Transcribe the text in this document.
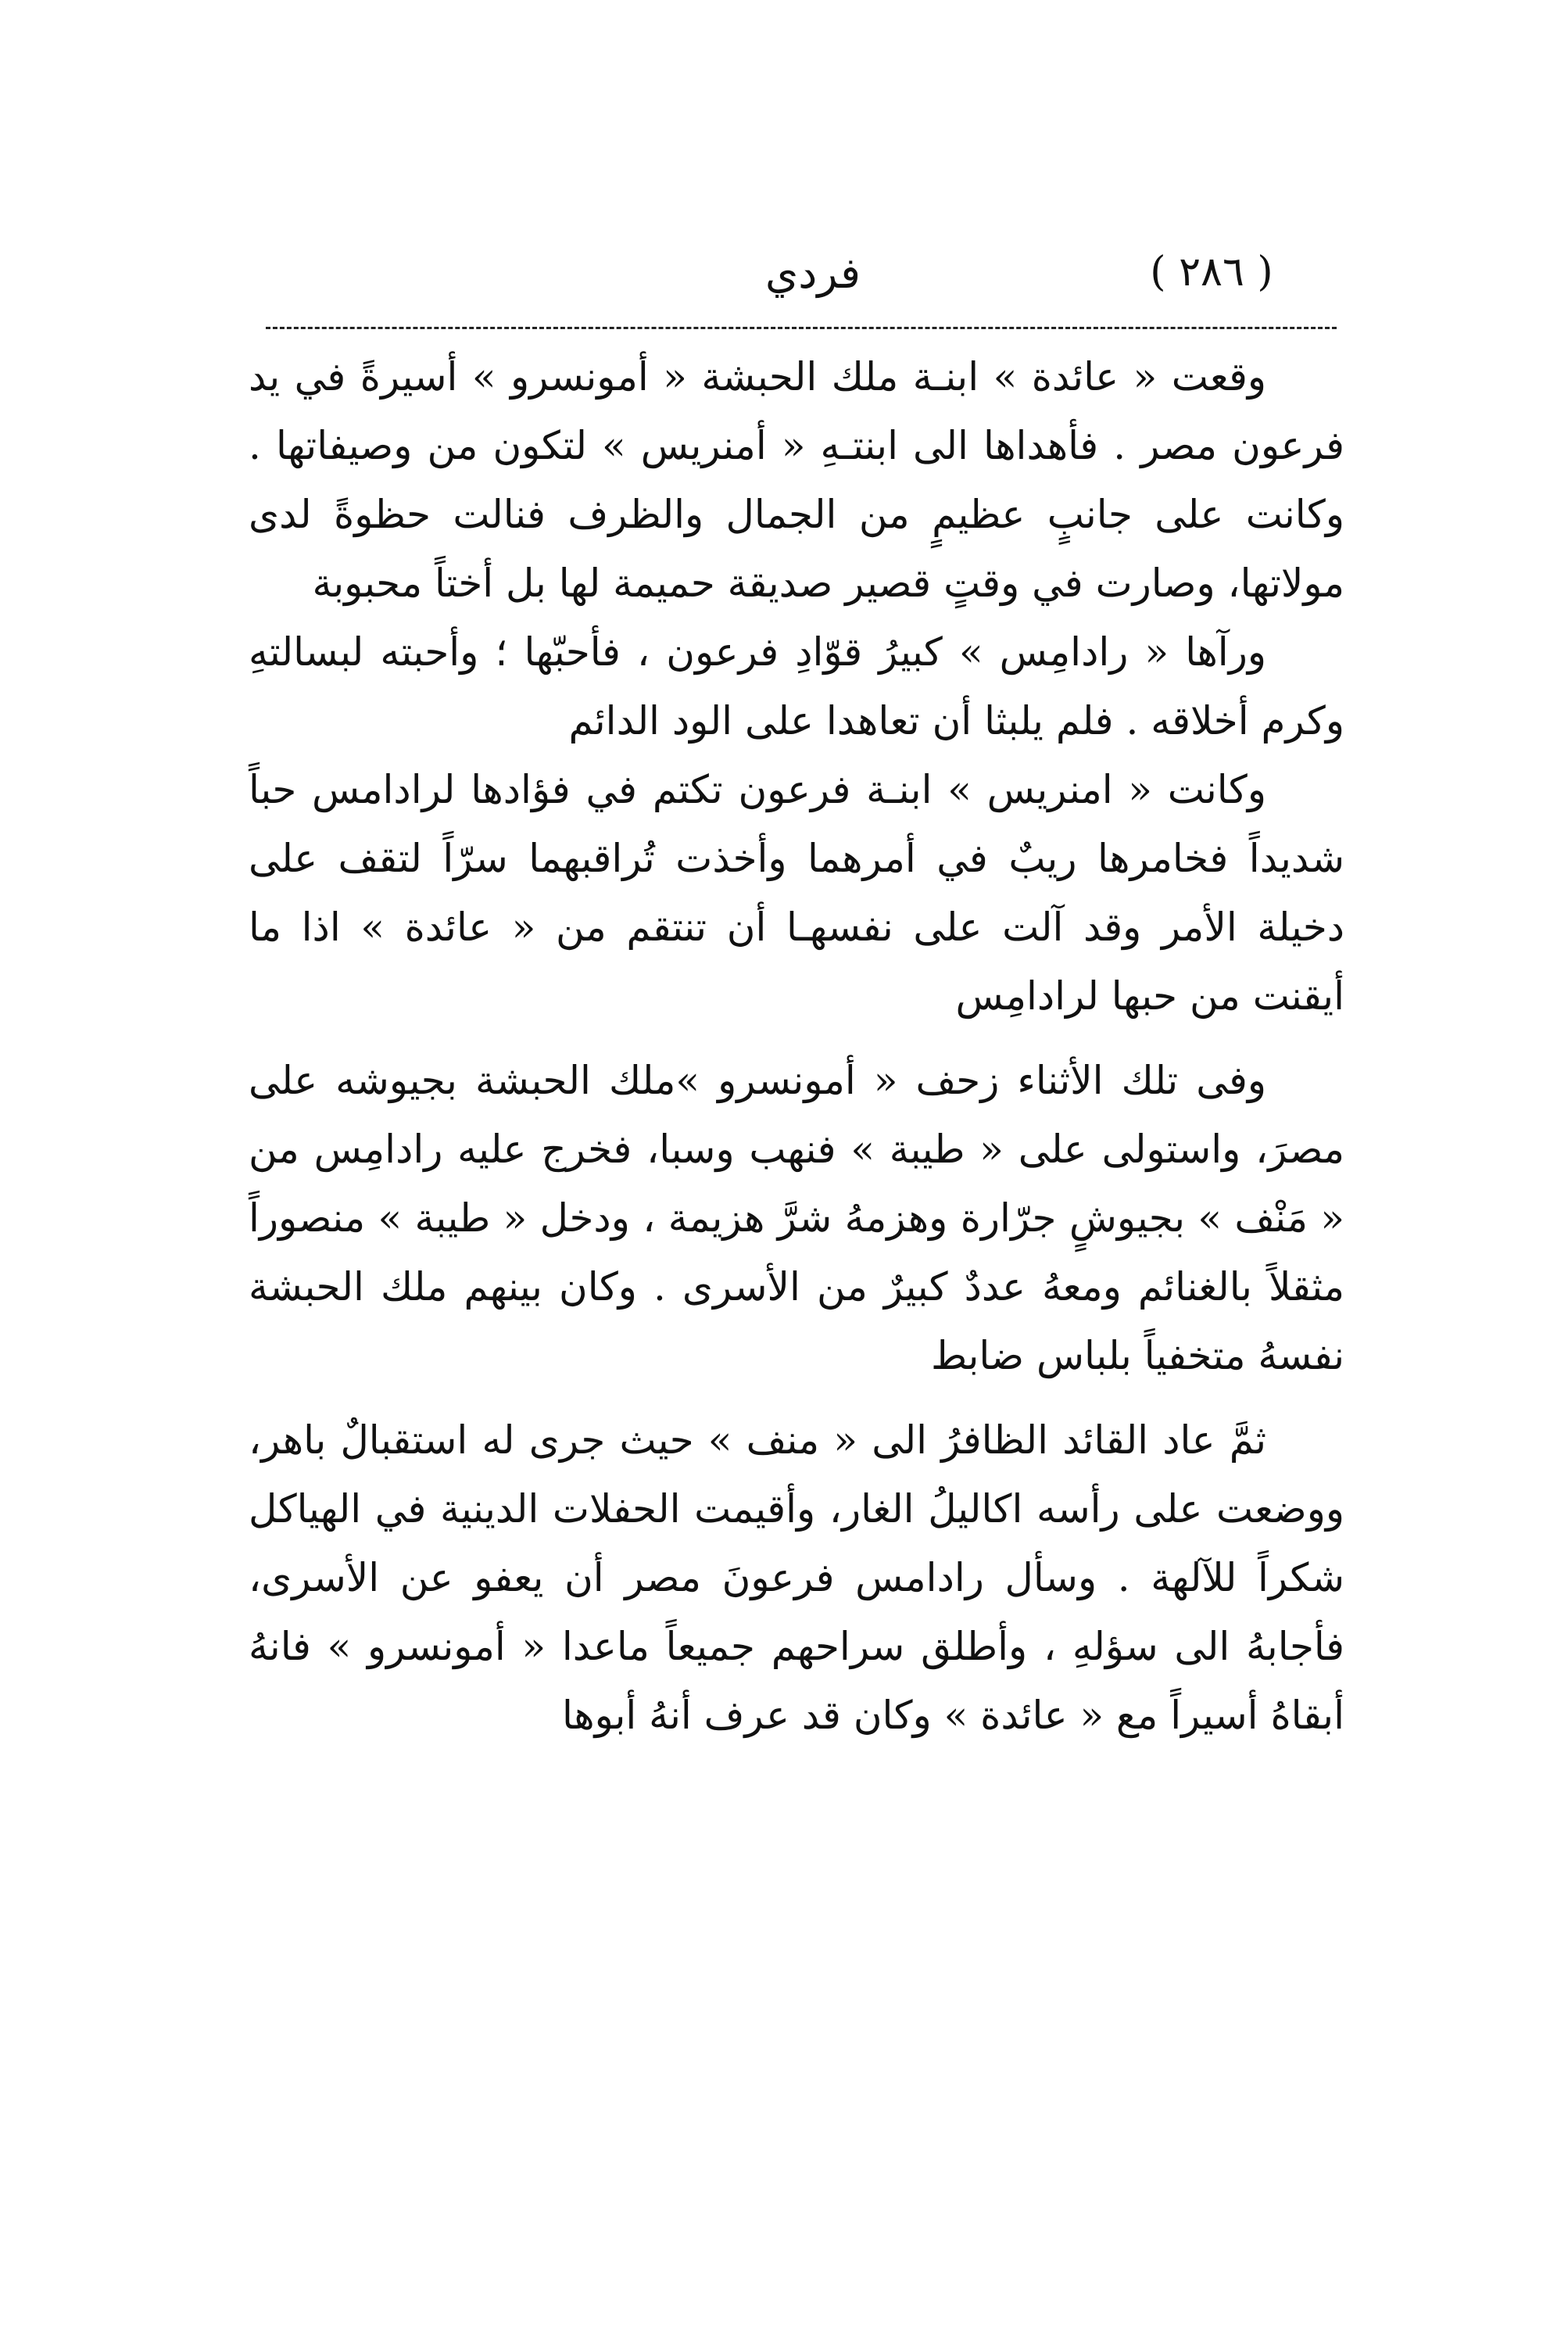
فردي	( ٢٨٦ )

وقعت « عائدة » ابنـة ملك الحبشة « أمونسرو » أسيرةً في يد فرعون مصر . فأهداها الى ابنتـهِ « أمنريس » لتكون من وصيفاتها . وكانت على جانبٍ عظيمٍ من الجمال والظرف فنالت حظوةً لدى مولاتها، وصارت في وقتٍ قصير صديقة حميمة لها بل أختاً محبوبة

ورآها « رادامِس » كبيرُ قوّادِ فرعون ، فأحبّها ؛ وأحبته لبسالتهِ وكرم أخلاقه . فلم يلبثا أن تعاهدا على الود الدائم

وكانت « امنريس » ابنـة فرعون تكتم في فؤادها لرادامس حباً شديداً فخامرها ريبٌ في أمرهما وأخذت تُراقبهما سرّاً لتقف على دخيلة الأمر وقد آلت على نفسهـا أن تنتقم من « عائدة » اذا ما أيقنت من حبها لرادامِس

وفى تلك الأثناء زحف « أمونسرو »ملك الحبشة بجيوشه على مصرَ، واستولى على « طيبة » فنهب وسبا، فخرج عليه رادامِس من « مَنْف » بجيوشٍ جرّارة وهزمهُ شرَّ هزيمة ، ودخل « طيبة » منصوراً مثقلاً بالغنائم ومعهُ عددٌ كبيرٌ من الأسرى . وكان بينهم ملك الحبشة نفسهُ متخفياً بلباس ضابط

ثمَّ عاد القائد الظافرُ الى « منف » حيث جرى له استقبالٌ باهر، ووضعت على رأسه اكاليلُ الغار، وأقيمت الحفلات الدينية في الهياكل شكراً للآلهة . وسأل رادامس فرعونَ مصر أن يعفو عن الأسرى، فأجابهُ الى سؤلهِ ، وأطلق سراحهم جميعاً ماعدا « أمونسرو » فانهُ أبقاهُ أسيراً مع « عائدة » وكان قد عرف أنهُ أبوها
